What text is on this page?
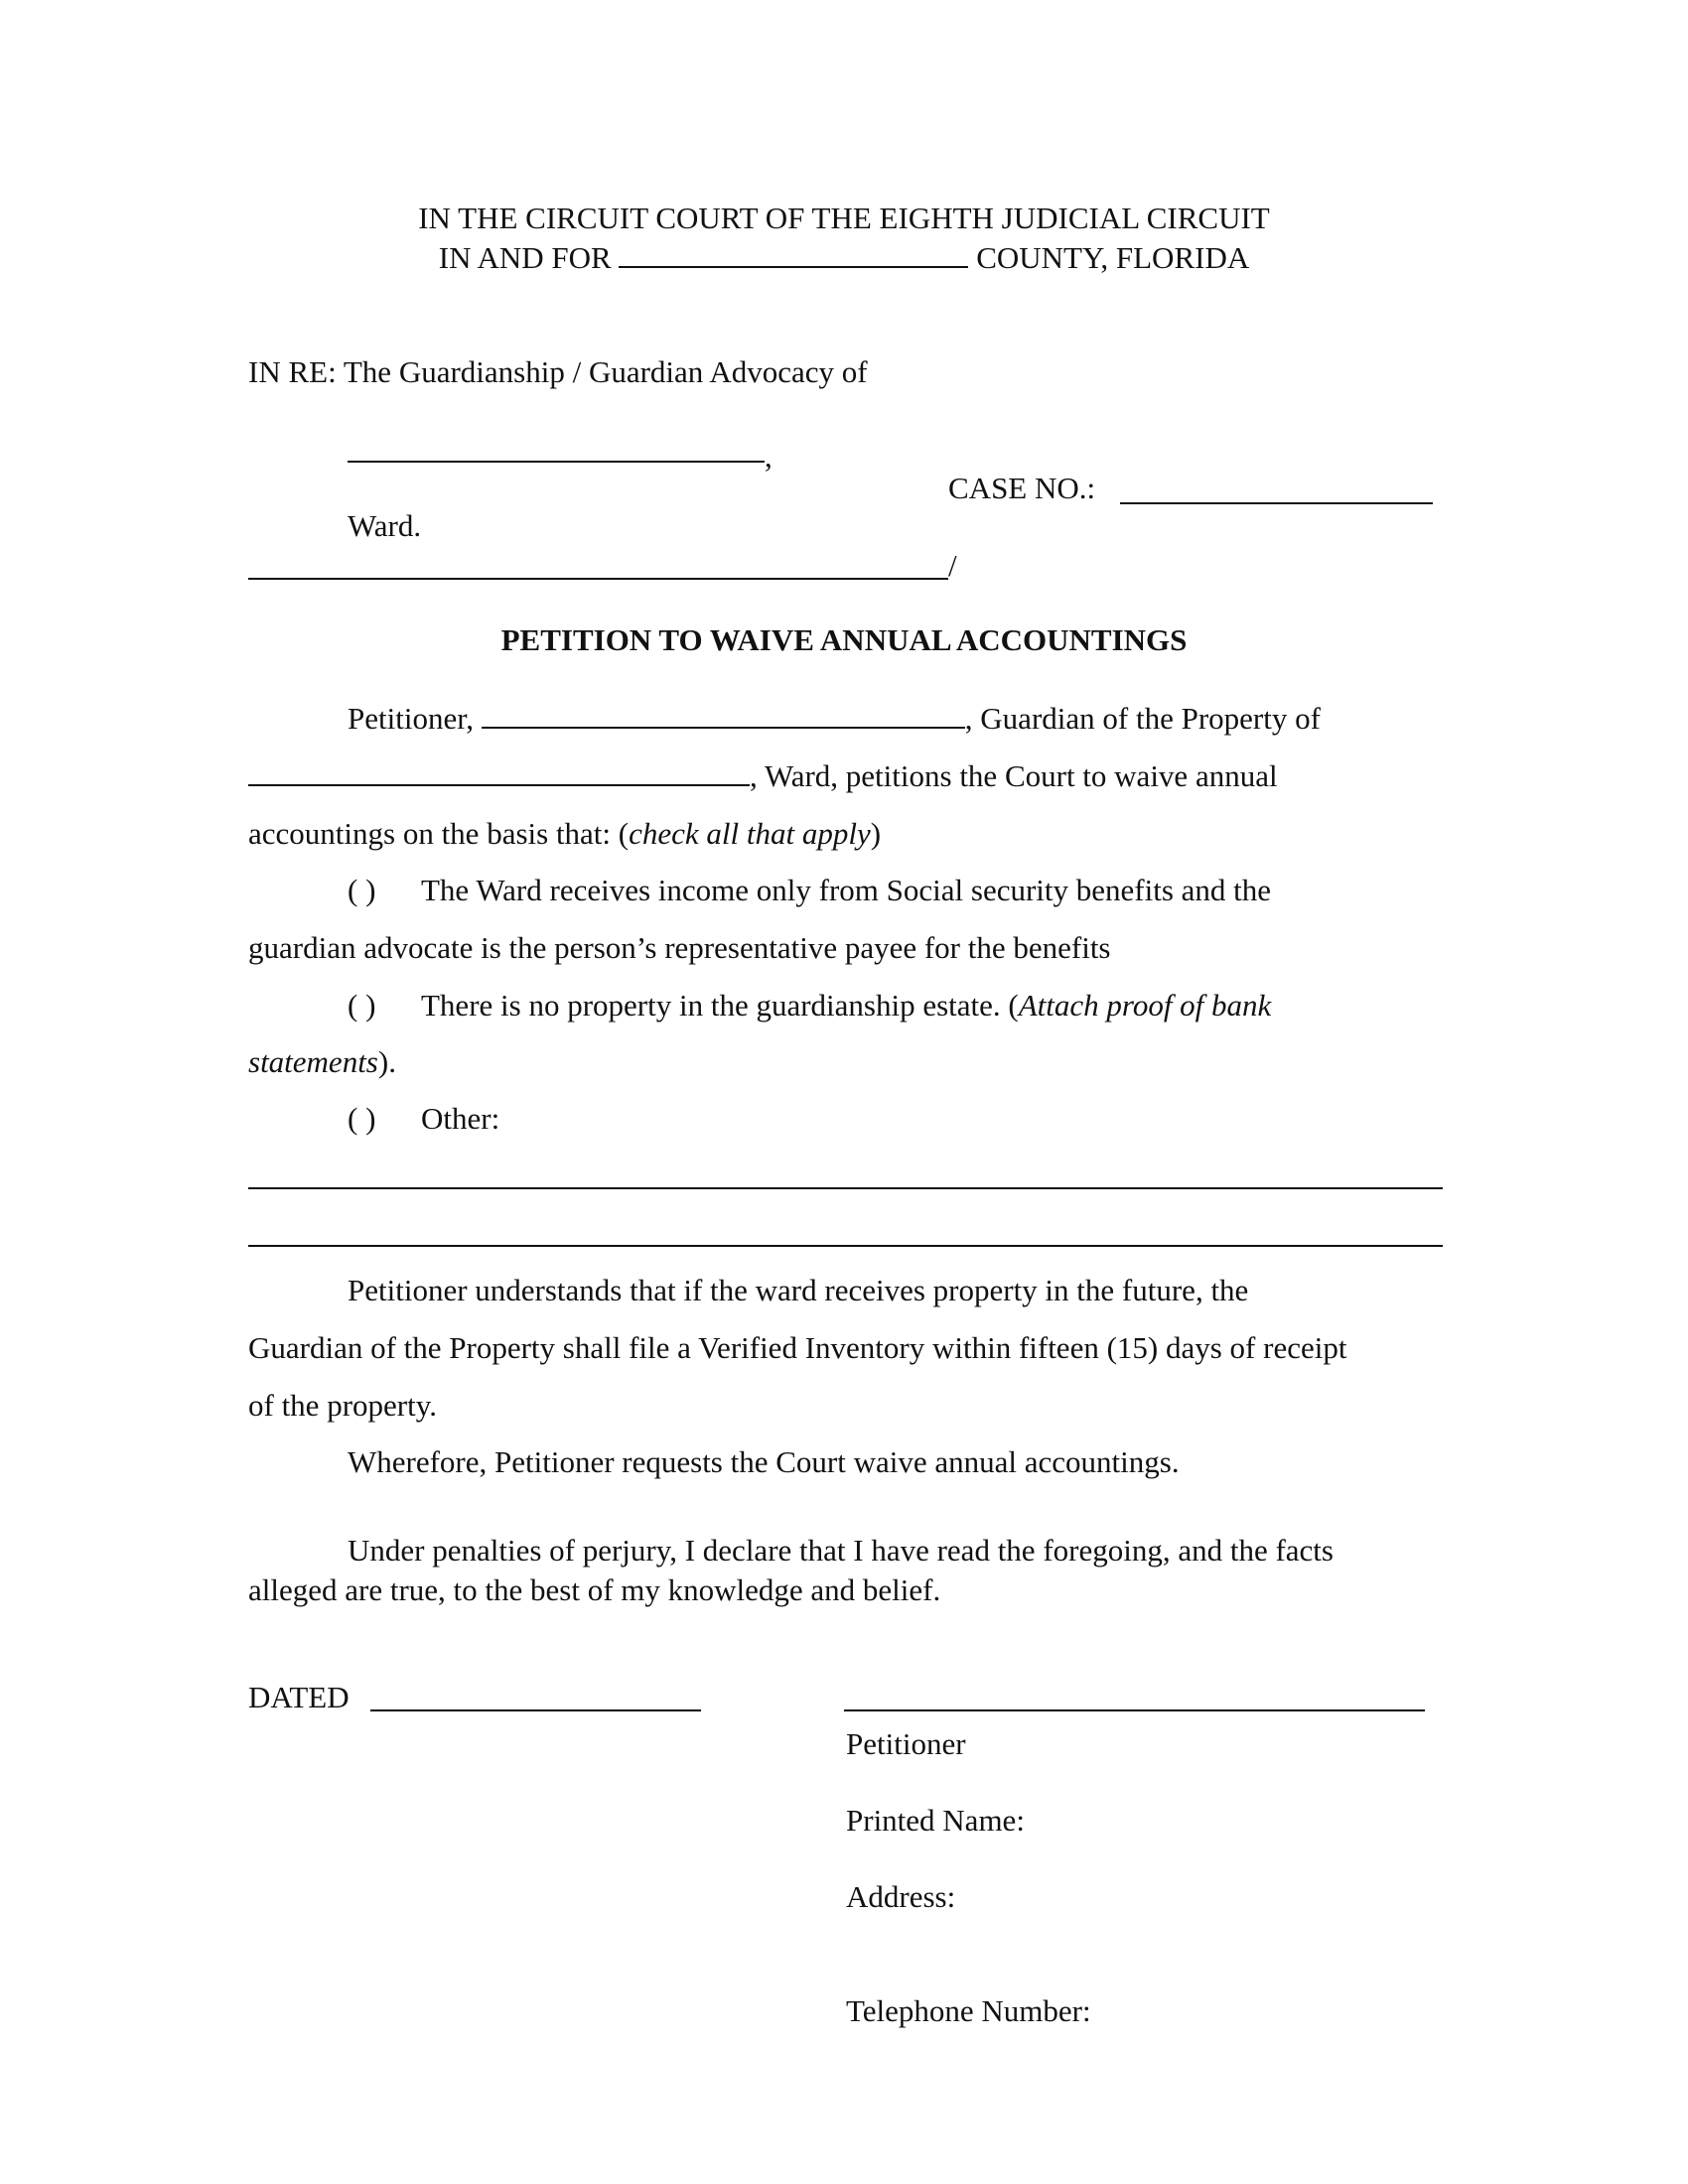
IN THE CIRCUIT COURT OF THE EIGHTH JUDICIAL CIRCUIT
IN AND FOR	COUNTY, FLORIDA
IN RE: The Guardianship / Guardian Advocacy of
,
CASE NO.:
Ward.
/
PETITION TO WAIVE ANNUAL ACCOUNTINGS
Petitioner,	, Guardian of the Property of
, Ward, petitions the Court to waive annual
accountings on the basis that: (check all that apply)
( ) The Ward receives income only from Social security benefits and the
guardian advocate is the person’s representative payee for the benefits
( ) There is no property in the guardianship estate. (Attach proof of bank
statements).
( ) Other:
Petitioner understands that if the ward receives property in the future, the
Guardian of the Property shall file a Verified Inventory within fifteen (15) days of receipt
of the property.
Wherefore, Petitioner requests the Court waive annual accountings.
Under penalties of perjury, I declare that I have read the foregoing, and the facts
alleged are true, to the best of my knowledge and belief.
DATED
Petitioner
Printed Name:
Address:
Telephone Number:
